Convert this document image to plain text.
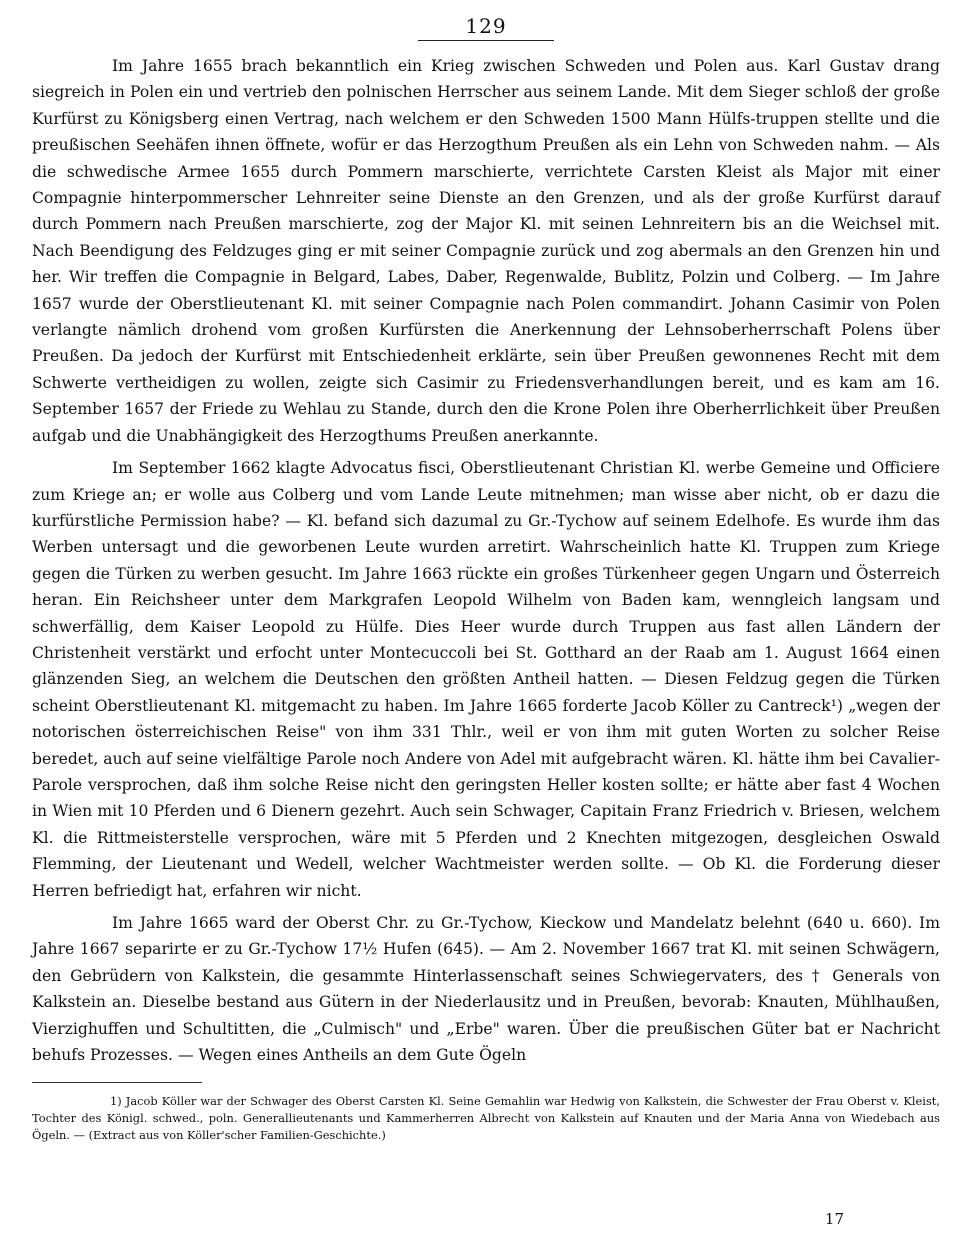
129

Im Jahre 1655 brach bekanntlich ein Krieg zwischen Schweden und Polen aus. Karl Gustav drang siegreich in Polen ein und vertrieb den polnischen Herrscher aus seinem Lande. Mit dem Sieger schloß der große Kurfürst zu Königsberg einen Vertrag, nach welchem er den Schweden 1500 Mann Hülfs-truppen stellte und die preußischen Seehäfen ihnen öffnete, wofür er das Herzogthum Preußen als ein Lehn von Schweden nahm. — Als die schwedische Armee 1655 durch Pommern marschierte, verrichtete Carsten Kleist als Major mit einer Compagnie hinterpommerscher Lehnreiter seine Dienste an den Grenzen, und als der große Kurfürst darauf durch Pommern nach Preußen marschierte, zog der Major Kl. mit seinen Lehnreitern bis an die Weichsel mit. Nach Beendigung des Feldzuges ging er mit seiner Compagnie zurück und zog abermals an den Grenzen hin und her. Wir treffen die Compagnie in Belgard, Labes, Daber, Regenwalde, Bublitz, Polzin und Colberg. — Im Jahre 1657 wurde der Oberstlieutenant Kl. mit seiner Compagnie nach Polen commandirt. Johann Casimir von Polen verlangte nämlich drohend vom großen Kurfürsten die Anerkennung der Lehnsoberherrschaft Polens über Preußen. Da jedoch der Kurfürst mit Entschiedenheit erklärte, sein über Preußen gewonnenes Recht mit dem Schwerte vertheidigen zu wollen, zeigte sich Casimir zu Friedensverhandlungen bereit, und es kam am 16. September 1657 der Friede zu Wehlau zu Stande, durch den die Krone Polen ihre Oberherrlichkeit über Preußen aufgab und die Unabhängigkeit des Herzogthums Preußen anerkannte.

Im September 1662 klagte Advocatus fisci, Oberstlieutenant Christian Kl. werbe Gemeine und Officiere zum Kriege an; er wolle aus Colberg und vom Lande Leute mitnehmen; man wisse aber nicht, ob er dazu die kurfürstliche Permission habe? — Kl. befand sich dazumal zu Gr.-Tychow auf seinem Edelhofe. Es wurde ihm das Werben untersagt und die geworbenen Leute wurden arretirt. Wahrscheinlich hatte Kl. Truppen zum Kriege gegen die Türken zu werben gesucht. Im Jahre 1663 rückte ein großes Türkenheer gegen Ungarn und Österreich heran. Ein Reichsheer unter dem Markgrafen Leopold Wilhelm von Baden kam, wenngleich langsam und schwerfällig, dem Kaiser Leopold zu Hülfe. Dies Heer wurde durch Truppen aus fast allen Ländern der Christenheit verstärkt und erfocht unter Montecuccoli bei St. Gotthard an der Raab am 1. August 1664 einen glänzenden Sieg, an welchem die Deutschen den größten Antheil hatten. — Diesen Feldzug gegen die Türken scheint Oberstlieutenant Kl. mitgemacht zu haben. Im Jahre 1665 forderte Jacob Köller zu Cantreck¹) „wegen der notorischen österreichischen Reise" von ihm 331 Thlr., weil er von ihm mit guten Worten zu solcher Reise beredet, auch auf seine vielfältige Parole noch Andere von Adel mit aufgebracht wären. Kl. hätte ihm bei Cavalier-Parole versprochen, daß ihm solche Reise nicht den geringsten Heller kosten sollte; er hätte aber fast 4 Wochen in Wien mit 10 Pferden und 6 Dienern gezehrt. Auch sein Schwager, Capitain Franz Friedrich v. Briesen, welchem Kl. die Rittmeisterstelle versprochen, wäre mit 5 Pferden und 2 Knechten mitgezogen, desgleichen Oswald Flemming, der Lieutenant und Wedell, welcher Wachtmeister werden sollte. — Ob Kl. die Forderung dieser Herren befriedigt hat, erfahren wir nicht.

Im Jahre 1665 ward der Oberst Chr. zu Gr.-Tychow, Kieckow und Mandelatz belehnt (640 u. 660). Im Jahre 1667 separirte er zu Gr.-Tychow 17½ Hufen (645). — Am 2. November 1667 trat Kl. mit seinen Schwägern, den Gebrüdern von Kalkstein, die gesammte Hinterlassenschaft seines Schwiegervaters, des † Generals von Kalkstein an. Dieselbe bestand aus Gütern in der Niederlausitz und in Preußen, bevorab: Knauten, Mühlhaußen, Vierzighuffen und Schultitten, die „Culmisch" und „Erbe" waren. Über die preußischen Güter bat er Nachricht behufs Prozesses. — Wegen eines Antheils an dem Gute Ögeln

1) Jacob Köller war der Schwager des Oberst Carsten Kl. Seine Gemahlin war Hedwig von Kalkstein, die Schwester der Frau Oberst v. Kleist, Tochter des Königl. schwed., poln. Generallieutenants und Kammerherren Albrecht von Kalkstein auf Knauten und der Maria Anna von Wiedebach aus Ögeln. — (Extract aus von Köller'scher Familien-Geschichte.)

17
